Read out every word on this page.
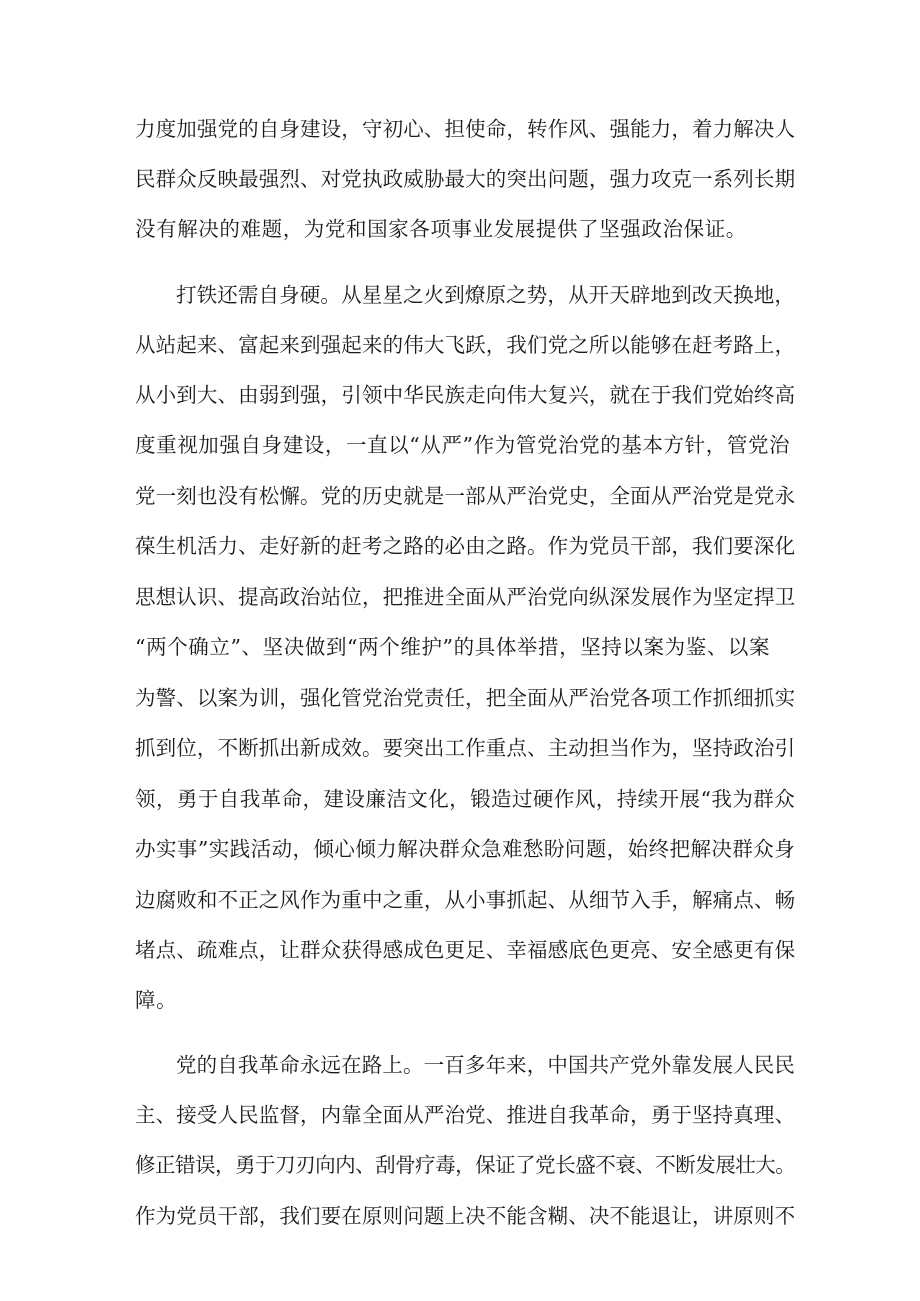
力度加强党的自身建设，守初心、担使命，转作风、强能力，着力解决人
民群众反映最强烈、对党执政威胁最大的突出问题，强力攻克一系列长期
没有解决的难题，为党和国家各项事业发展提供了坚强政治保证。
打铁还需自身硬。从星星之火到燎原之势，从开天辟地到改天换地，
从站起来、富起来到强起来的伟大飞跃，我们党之所以能够在赶考路上，
从小到大、由弱到强，引领中华民族走向伟大复兴，就在于我们党始终高
度重视加强自身建设，一直以“从严”作为管党治党的基本方针，管党治
党一刻也没有松懈。党的历史就是一部从严治党史，全面从严治党是党永
葆生机活力、走好新的赶考之路的必由之路。作为党员干部，我们要深化
思想认识、提高政治站位，把推进全面从严治党向纵深发展作为坚定捍卫
“两个确立”、坚决做到“两个维护”的具体举措，坚持以案为鉴、以案
为警、以案为训，强化管党治党责任，把全面从严治党各项工作抓细抓实
抓到位，不断抓出新成效。要突出工作重点、主动担当作为，坚持政治引
领，勇于自我革命，建设廉洁文化，锻造过硬作风，持续开展“我为群众
办实事”实践活动，倾心倾力解决群众急难愁盼问题，始终把解决群众身
边腐败和不正之风作为重中之重，从小事抓起、从细节入手，解痛点、畅
堵点、疏难点，让群众获得感成色更足、幸福感底色更亮、安全感更有保
障。
党的自我革命永远在路上。一百多年来，中国共产党外靠发展人民民
主、接受人民监督，内靠全面从严治党、推进自我革命，勇于坚持真理、
修正错误，勇于刀刃向内、刮骨疗毒，保证了党长盛不衰、不断发展壮大。
作为党员干部，我们要在原则问题上决不能含糊、决不能退让，讲原则不
